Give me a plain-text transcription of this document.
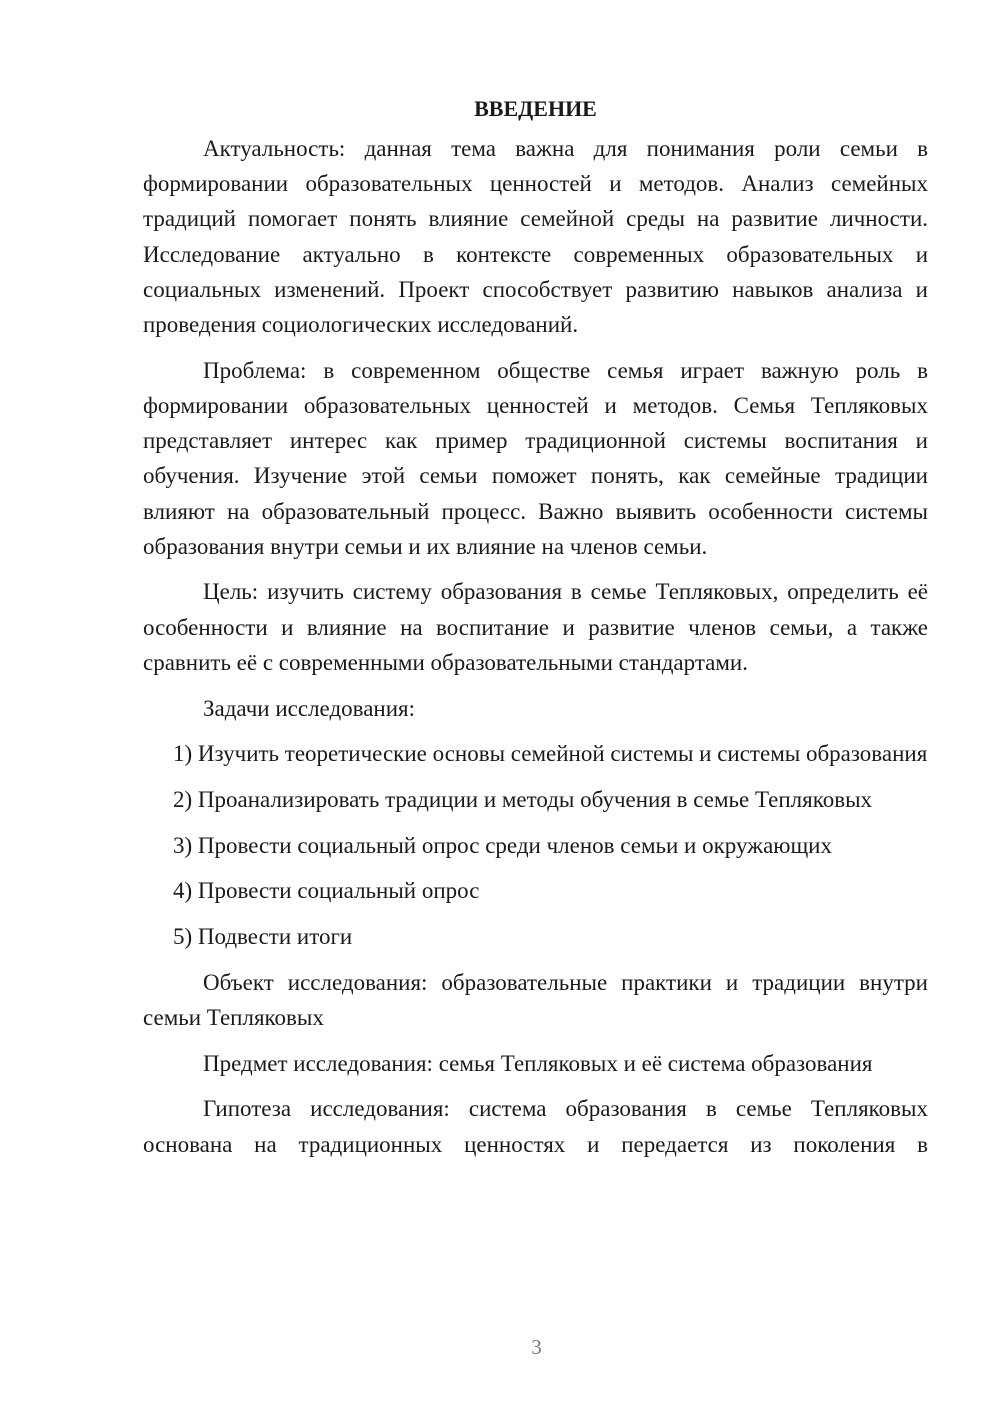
ВВЕДЕНИЕ

Актуальность: данная тема важна для понимания роли семьи в формировании образовательных ценностей и методов. Анализ семейных традиций помогает понять влияние семейной среды на развитие личности. Исследование актуально в контексте современных образовательных и социальных изменений. Проект способствует развитию навыков анализа и проведения социологических исследований.

Проблема: в современном обществе семья играет важную роль в формировании образовательных ценностей и методов. Семья Тепляковых представляет интерес как пример традиционной системы воспитания и обучения. Изучение этой семьи поможет понять, как семейные традиции влияют на образовательный процесс. Важно выявить особенности системы образования внутри семьи и их влияние на членов семьи.

Цель: изучить систему образования в семье Тепляковых, определить её особенности и влияние на воспитание и развитие членов семьи, а также сравнить её с современными образовательными стандартами.

Задачи исследования:

1) Изучить теоретические основы семейной системы и системы образования

2) Проанализировать традиции и методы обучения в семье Тепляковых

3) Провести социальный опрос среди членов семьи и окружающих

4) Провести социальный опрос

5) Подвести итоги

Объект исследования: образовательные практики и традиции внутри семьи Тепляковых

Предмет исследования: семья Тепляковых и её система образования

Гипотеза исследования: система образования в семье Тепляковых основана на традиционных ценностях и передается из поколения в

3
